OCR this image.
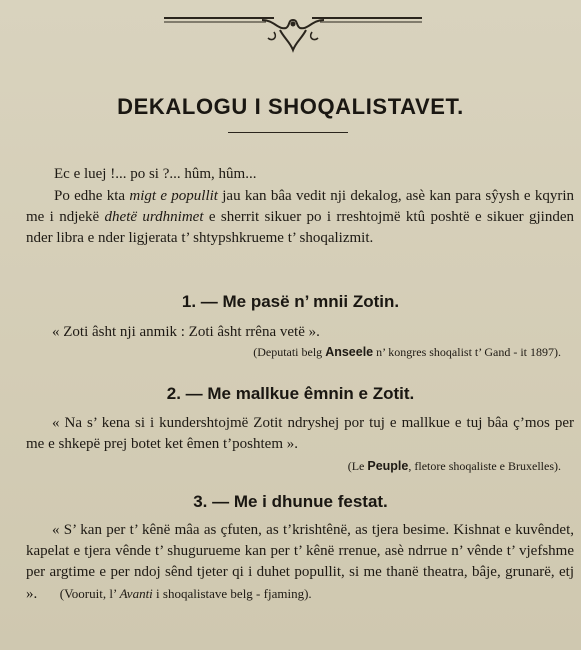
DEKALOGU I SHOQALISTAVET.
Ec e luej !... po si ?... hûm, hûm...
Po edhe kta migt e popullit jau kan bâa vedit nji dekalog, asè kan para sŷysh e kqyrin me i ndjekë dhetë urdhnimet e sherrit sikuer po i rreshtojmë ktû poshtë e sikuer gjinden nder libra e nder ligjerata t’ shtypshkrueme t’ shoqalizmit.
1. — Me pasë n’ mnii Zotin.
« Zoti âsht nji anmik : Zoti âsht rrêna vetë ».
(Deputati belg Anseele n’ kongres shoqalist t’ Gand - it 1897).
2. — Me mallkue êmnin e Zotit.
« Na s’ kena si i kundershtojmë Zotit ndryshej por tuj e mallkue e tuj bâa ç’mos per me e shkepë prej botet ket êmen t’poshtem ».
(Le Peuple, fletore shoqaliste e Bruxelles).
3. — Me i dhunue festat.
« S’ kan per t’ kênë mâa as çfuten, as t’krishtênë, as tjera besime. Kishnat e kuvêndet, kapelat e tjera vênde t’ shugurueme kan per t’ kênë rrenue, asè ndrrue n’ vênde t’ vjefshme per argtime e per ndoj sênd tjeter qi i duhet popullit, si me thanë theatra, bâje, grunarë, etj ». (Vooruit, l’ Avanti i shoqalistave belg - fjaming).
